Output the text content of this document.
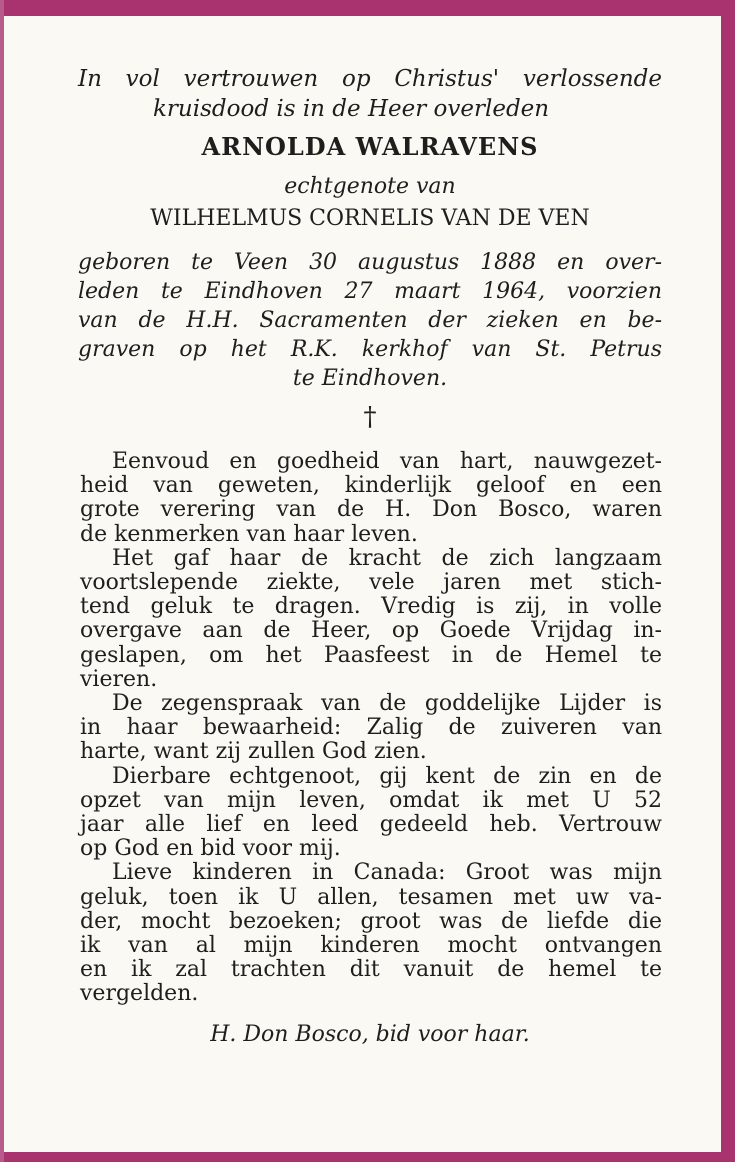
In vol vertrouwen op Christus' verlossende
kruisdood is in de Heer overleden
ARNOLDA WALRAVENS
echtgenote van
WILHELMUS CORNELIS VAN DE VEN
geboren te Veen 30 augustus 1888 en over-
leden te Eindhoven 27 maart 1964, voorzien
van de H.H. Sacramenten der zieken en be-
graven op het R.K. kerkhof van St. Petrus
te Eindhoven.
†
Eenvoud en goedheid van hart, nauwgezet-
heid van geweten, kinderlijk geloof en een
grote verering van de H. Don Bosco, waren
de kenmerken van haar leven.
Het gaf haar de kracht de zich langzaam
voortslepende ziekte, vele jaren met stich-
tend geluk te dragen. Vredig is zij, in volle
overgave aan de Heer, op Goede Vrijdag in-
geslapen, om het Paasfeest in de Hemel te
vieren.
De zegenspraak van de goddelijke Lijder is
in haar bewaarheid: Zalig de zuiveren van
harte, want zij zullen God zien.
Dierbare echtgenoot, gij kent de zin en de
opzet van mijn leven, omdat ik met U 52
jaar alle lief en leed gedeeld heb. Vertrouw
op God en bid voor mij.
Lieve kinderen in Canada: Groot was mijn
geluk, toen ik U allen, tesamen met uw va-
der, mocht bezoeken; groot was de liefde die
ik van al mijn kinderen mocht ontvangen
en ik zal trachten dit vanuit de hemel te
vergelden.
H. Don Bosco, bid voor haar.
